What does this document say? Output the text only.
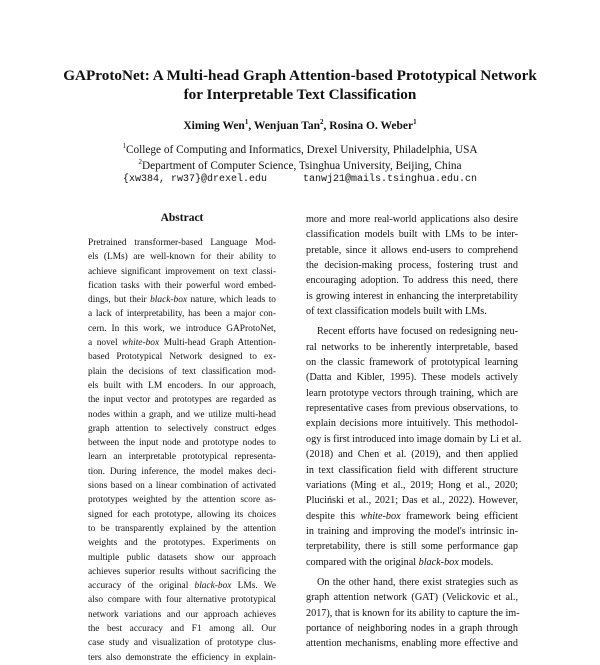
GAProtoNet: A Multi-head Graph Attention-based Prototypical Network
for Interpretable Text Classification
Ximing Wen$^1$, Wenjuan Tan$^2$, Rosina O. Weber$^1$
$^1$College of Computing and Informatics, Drexel University, Philadelphia, USA
$^2$Department of Computer Science, Tsinghua University, Beijing, China
{xw384, rw37}@drexel.edu      tanwj21@mails.tsinghua.edu.cn
Abstract
Pretrained transformer-based Language Mod-
els (LMs) are well-known for their ability to
achieve significant improvement on text classi-
fication tasks with their powerful word embed-
dings, but their black-box nature, which leads to
a lack of interpretability, has been a major con-
cern. In this work, we introduce GAProtoNet,
a novel white-box Multi-head Graph Attention-
based Prototypical Network designed to ex-
plain the decisions of text classification mod-
els built with LM encoders. In our approach,
the input vector and prototypes are regarded as
nodes within a graph, and we utilize multi-head
graph attention to selectively construct edges
between the input node and prototype nodes to
learn an interpretable prototypical representa-
tion. During inference, the model makes deci-
sions based on a linear combination of activated
prototypes weighted by the attention score as-
signed for each prototype, allowing its choices
to be transparently explained by the attention
weights and the prototypes. Experiments on
multiple public datasets show our approach
achieves superior results without sacrificing the
accuracy of the original black-box LMs. We
also compare with four alternative prototypical
network variations and our approach achieves
the best accuracy and F1 among all. Our
case study and visualization of prototype clus-
ters also demonstrate the efficiency in explain-

more and more real-world applications also desire
classification models built with LMs to be inter-
pretable, since it allows end-users to comprehend
the decision-making process, fostering trust and
encouraging adoption. To address this need, there
is growing interest in enhancing the interpretability
of text classification models built with LMs.

Recent efforts have focused on redesigning neu-
ral networks to be inherently interpretable, based
on the classic framework of prototypical learning
(Datta and Kibler, 1995). These models actively
learn prototype vectors through training, which are
representative cases from previous observations, to
explain decisions more intuitively. This methodol-
ogy is first introduced into image domain by Li et al.
(2018) and Chen et al. (2019), and then applied
in text classification field with different structure
variations (Ming et al., 2019; Hong et al., 2020;
Pluciński et al., 2021; Das et al., 2022). However,
despite this white-box framework being efficient
in training and improving the model's intrinsic in-
terpretability, there is still some performance gap
compared with the original black-box models.

On the other hand, there exist strategies such as
graph attention network (GAT) (Velickovic et al.,
2017), that is known for its ability to capture the im-
portance of neighboring nodes in a graph through
attention mechanisms, enabling more effective and
